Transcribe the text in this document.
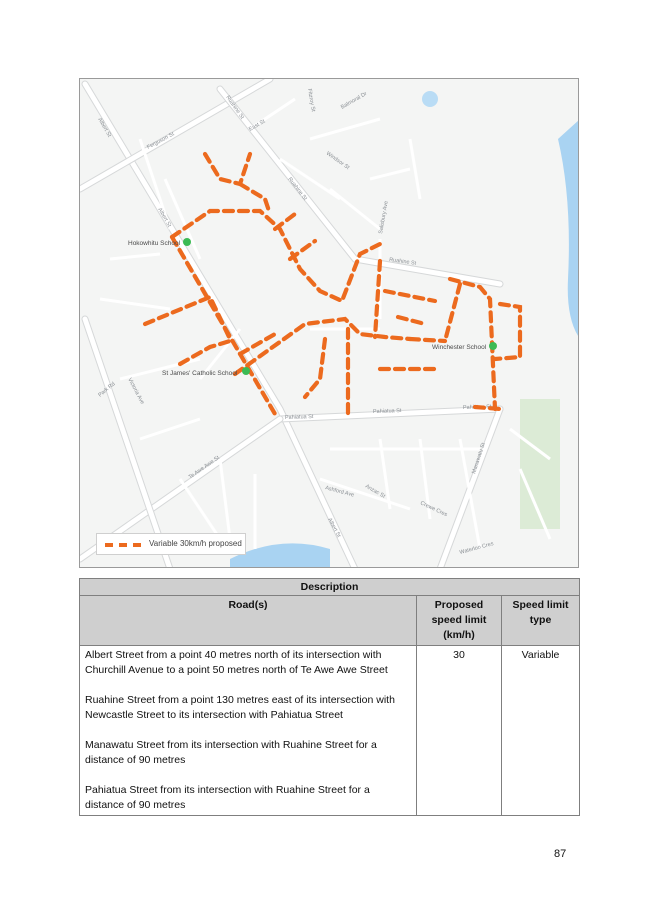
Albert St
Ferguson St
Ruahine St
East St
Balmoral Dr
Fitzroy St
Windsor St
Ruahine St
Ruahine St
Salisbury Ave
Albert St
Pahiatua St
Pahiatua St
Pahiatua St
Victoria Ave
Park Rd
Te Awe Awe St	Manawatu St
Albert St
Ashford Ave Anzac St
Crewe Cres
Waterloo Cres
Hokowhitu School
Winchester School
St James' Catholic School
Variable 30km/h proposed
Description		
Road(s)	Proposed speed limit (km/h)	Speed limit type

Albert Street from a point 40 metres north of its intersection with Churchill Avenue to a point 50 metres north of Te Awe Awe Street

Ruahine Street from a point 130 metres east of its intersection with Newcastle Street to its intersection with Pahiatua Street

Manawatu Street from its intersection with Ruahine Street for a distance of 90 metres

Pahiatua Street from its intersection with Ruahine Street for a distance of 90 metres	30	Variable
87
